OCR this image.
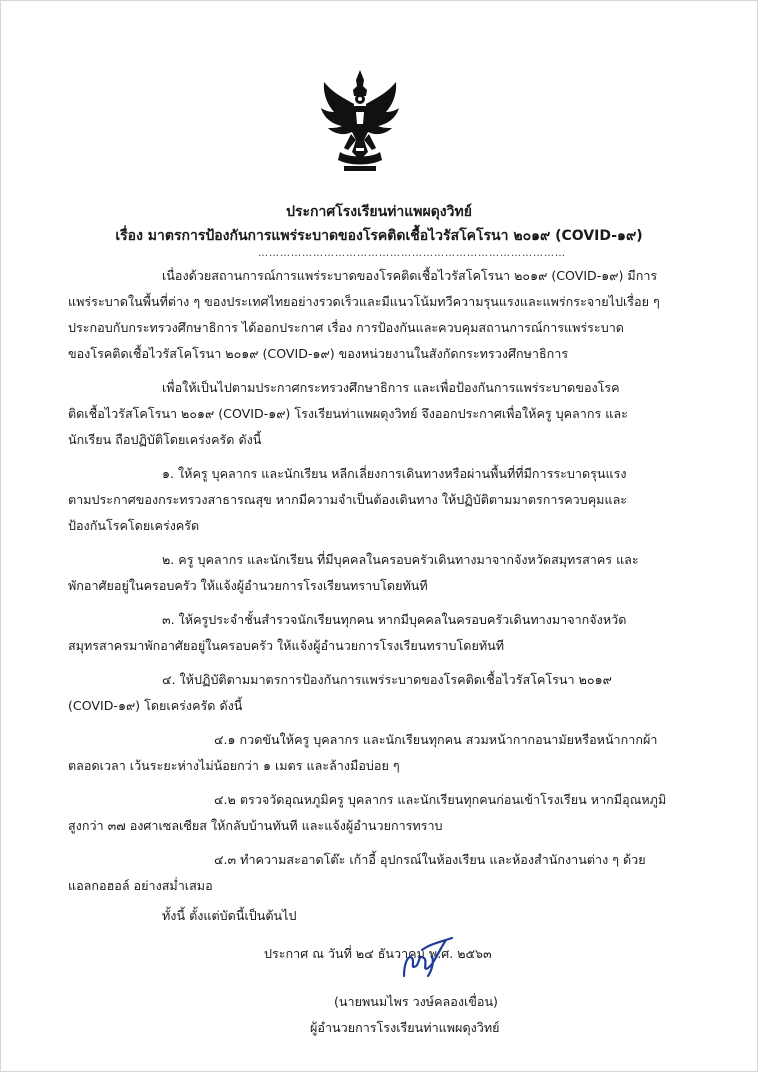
ประกาศโรงเรียนท่าแพผดุงวิทย์
เรื่อง มาตรการป้องกันการแพร่ระบาดของโรคติดเชื้อไวรัสโคโรนา ๒๐๑๙ (COVID-๑๙)
…………………………………………………………………………
เนื่องด้วยสถานการณ์การแพร่ระบาดของโรคติดเชื้อไวรัสโคโรนา ๒๐๑๙ (COVID-๑๙) มีการ
แพร่ระบาดในพื้นที่ต่าง ๆ ของประเทศไทยอย่างรวดเร็วและมีแนวโน้มทวีความรุนแรงและแพร่กระจายไปเรื่อย ๆ
ประกอบกับกระทรวงศึกษาธิการ ได้ออกประกาศ เรื่อง การป้องกันและควบคุมสถานการณ์การแพร่ระบาด
ของโรคติดเชื้อไวรัสโคโรนา ๒๐๑๙ (COVID-๑๙) ของหน่วยงานในสังกัดกระทรวงศึกษาธิการ
เพื่อให้เป็นไปตามประกาศกระทรวงศึกษาธิการ และเพื่อป้องกันการแพร่ระบาดของโรค
ติดเชื้อไวรัสโคโรนา ๒๐๑๙ (COVID-๑๙) โรงเรียนท่าแพผดุงวิทย์ จึงออกประกาศเพื่อให้ครู บุคลากร และ
นักเรียน ถือปฏิบัติโดยเคร่งครัด ดังนี้
๑. ให้ครู บุคลากร และนักเรียน หลีกเลี่ยงการเดินทางหรือผ่านพื้นที่ที่มีการระบาดรุนแรง
ตามประกาศของกระทรวงสาธารณสุข หากมีความจำเป็นต้องเดินทาง ให้ปฏิบัติตามมาตรการควบคุมและ
ป้องกันโรคโดยเคร่งครัด
๒. ครู บุคลากร และนักเรียน ที่มีบุคคลในครอบครัวเดินทางมาจากจังหวัดสมุทรสาคร และ
พักอาศัยอยู่ในครอบครัว ให้แจ้งผู้อำนวยการโรงเรียนทราบโดยทันที
๓. ให้ครูประจำชั้นสำรวจนักเรียนทุกคน หากมีบุคคลในครอบครัวเดินทางมาจากจังหวัด
สมุทรสาครมาพักอาศัยอยู่ในครอบครัว ให้แจ้งผู้อำนวยการโรงเรียนทราบโดยทันที
๔. ให้ปฏิบัติตามมาตรการป้องกันการแพร่ระบาดของโรคติดเชื้อไวรัสโคโรนา ๒๐๑๙
(COVID-๑๙) โดยเคร่งครัด ดังนี้
๔.๑ กวดขันให้ครู บุคลากร และนักเรียนทุกคน สวมหน้ากากอนามัยหรือหน้ากากผ้า
ตลอดเวลา เว้นระยะห่างไม่น้อยกว่า ๑ เมตร และล้างมือบ่อย ๆ
๔.๒ ตรวจวัดอุณหภูมิครู บุคลากร และนักเรียนทุกคนก่อนเข้าโรงเรียน หากมีอุณหภูมิ
สูงกว่า ๓๗ องศาเซลเซียส ให้กลับบ้านทันที และแจ้งผู้อำนวยการทราบ
๔.๓ ทำความสะอาดโต๊ะ เก้าอี้ อุปกรณ์ในห้องเรียน และห้องสำนักงานต่าง ๆ ด้วย
แอลกอฮอล์ อย่างสม่ำเสมอ
ทั้งนี้ ตั้งแต่บัดนี้เป็นต้นไป
ประกาศ ณ วันที่ ๒๔ ธันวาคม พ.ศ. ๒๕๖๓
(นายพนมไพร วงษ์คลองเขื่อน)
ผู้อำนวยการโรงเรียนท่าแพผดุงวิทย์
